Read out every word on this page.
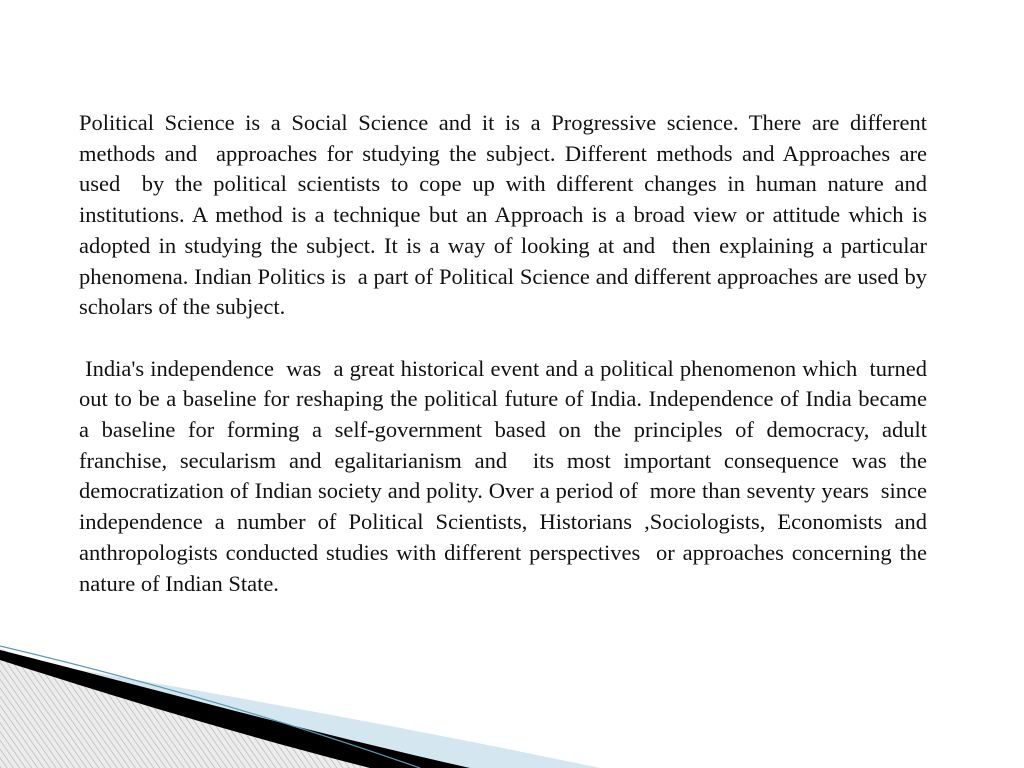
Political Science is a Social Science and it is a Progressive science. There are different methods and  approaches for studying the subject. Different methods and Approaches are used  by the political scientists to cope up with different changes in human nature and institutions. A method is a technique but an Approach is a broad view or attitude which is adopted in studying the subject. It is a way of looking at and  then explaining a particular phenomena. Indian Politics is  a part of Political Science and different approaches are used by scholars of the subject.

India's independence  was  a great historical event and a political phenomenon which  turned out to be a baseline for reshaping the political future of India. Independence of India became a baseline for forming a self-government based on the principles of democracy, adult franchise, secularism and egalitarianism and  its most important consequence was the democratization of Indian society and polity. Over a period of  more than seventy years  since independence a number of Political Scientists, Historians ,Sociologists, Economists and anthropologists conducted studies with different perspectives  or approaches concerning the nature of Indian State.
